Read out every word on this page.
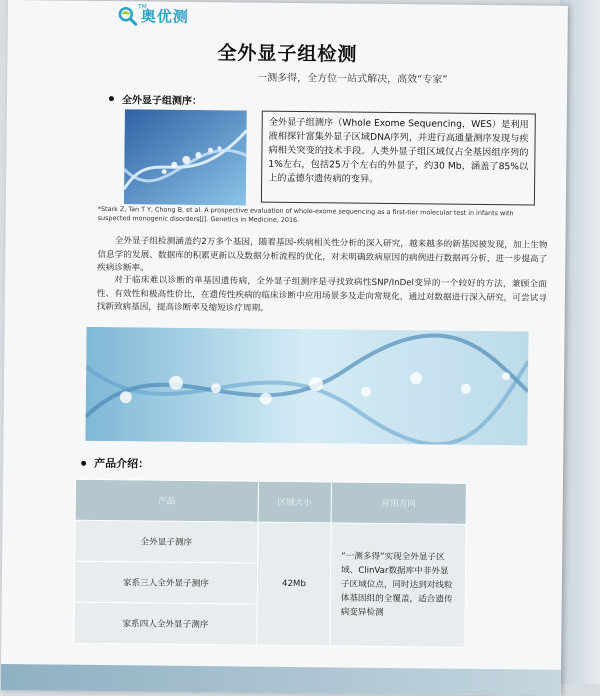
TM
奥优测
全外显子组检测
一测多得，全方位一站式解决，高效“专家”
全外显子组测序：
全外显子组测序（Whole Exome Sequencing，WES）是利用液相探针富集外显子区域DNA序列，并进行高通量测序发现与疾病相关突变的技术手段。人类外显子组区域仅占全基因组序列的1%左右，包括25万个左右的外显子，约30 Mb，涵盖了85%以上的孟德尔遗传病的变异。
*Stark Z, Tan T Y, Chong B, et al. A prospective evaluation of whole-exome sequencing as a first-tier molecular test in infants with suspected monogenic disorders[J]. Genetics in Medicine, 2016.
全外显子组检测涵盖约2万多个基因，随着基因-疾病相关性分析的深入研究，越来越多的新基因被发现，加上生物信息学的发展、数据库的积累更新以及数据分析流程的优化，对未明确致病原因的病例进行数据再分析，进一步提高了疾病诊断率。
对于临床难以诊断的单基因遗传病，全外显子组测序是寻找致病性SNP/InDel变异的一个较好的方法，兼顾全面性、有效性和极高性价比，在遗传性疾病的临床诊断中应用场景多及走向常规化，通过对数据进行深入研究，可尝试寻找新致病基因，提高诊断率及缩短诊疗周期。
产品介绍：
产品	区域大小	应用方向
全外显子测序	42Mb	“一测多得”实现全外显子区域、ClinVar数据库中非外显子区域位点，同时达到对线粒体基因组的全覆盖，适合遗传病变异检测
家系三人全外显子测序		
家系四人全外显子测序		
